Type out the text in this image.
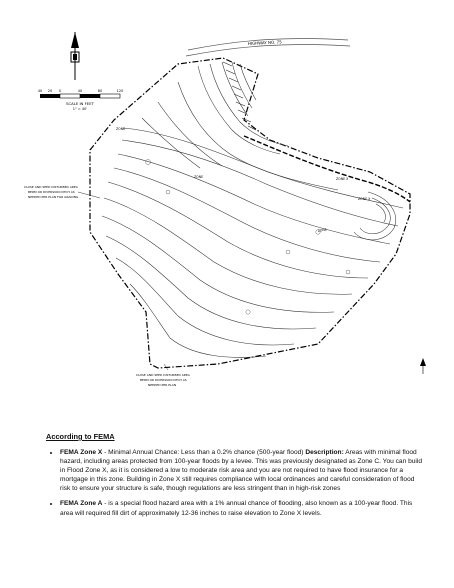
40 20 0	40	80	120
SCALE IN FEET
1" = 40'
HIGHWAY NO. 75
ZONE
ZONE	ZONE X
ZONE
ZONE X
CLOSE AND SEED DISTURBED AREA
BERM OR DIVERSION DITCH AS
NEEDED PER PLAN FOR GRADING
CLOSE AND SEED DISTURBED AREA
BERM OR DIVERSION DITCH AS
NEEDED PER PLAN
According to FEMA
• FEMA Zone X - Minimal Annual Chance: Less than a 0.2% chance (500-year flood) Description: Areas with minimal flood hazard, including areas protected from 100-year floods by a levee. This was previously designated as Zone C. You can build in Flood Zone X, as it is considered a low to moderate risk area and you are not required to have flood insurance for a mortgage in this zone. Building in Zone X still requires compliance with local ordinances and careful consideration of flood risk to ensure your structure is safe, though regulations are less stringent than in high-risk zones
• FEMA Zone A - is a special flood hazard area with a 1% annual chance of flooding, also known as a 100-year flood. This area will required fill dirt of approximately 12-36 inches to raise elevation to Zone X levels.
